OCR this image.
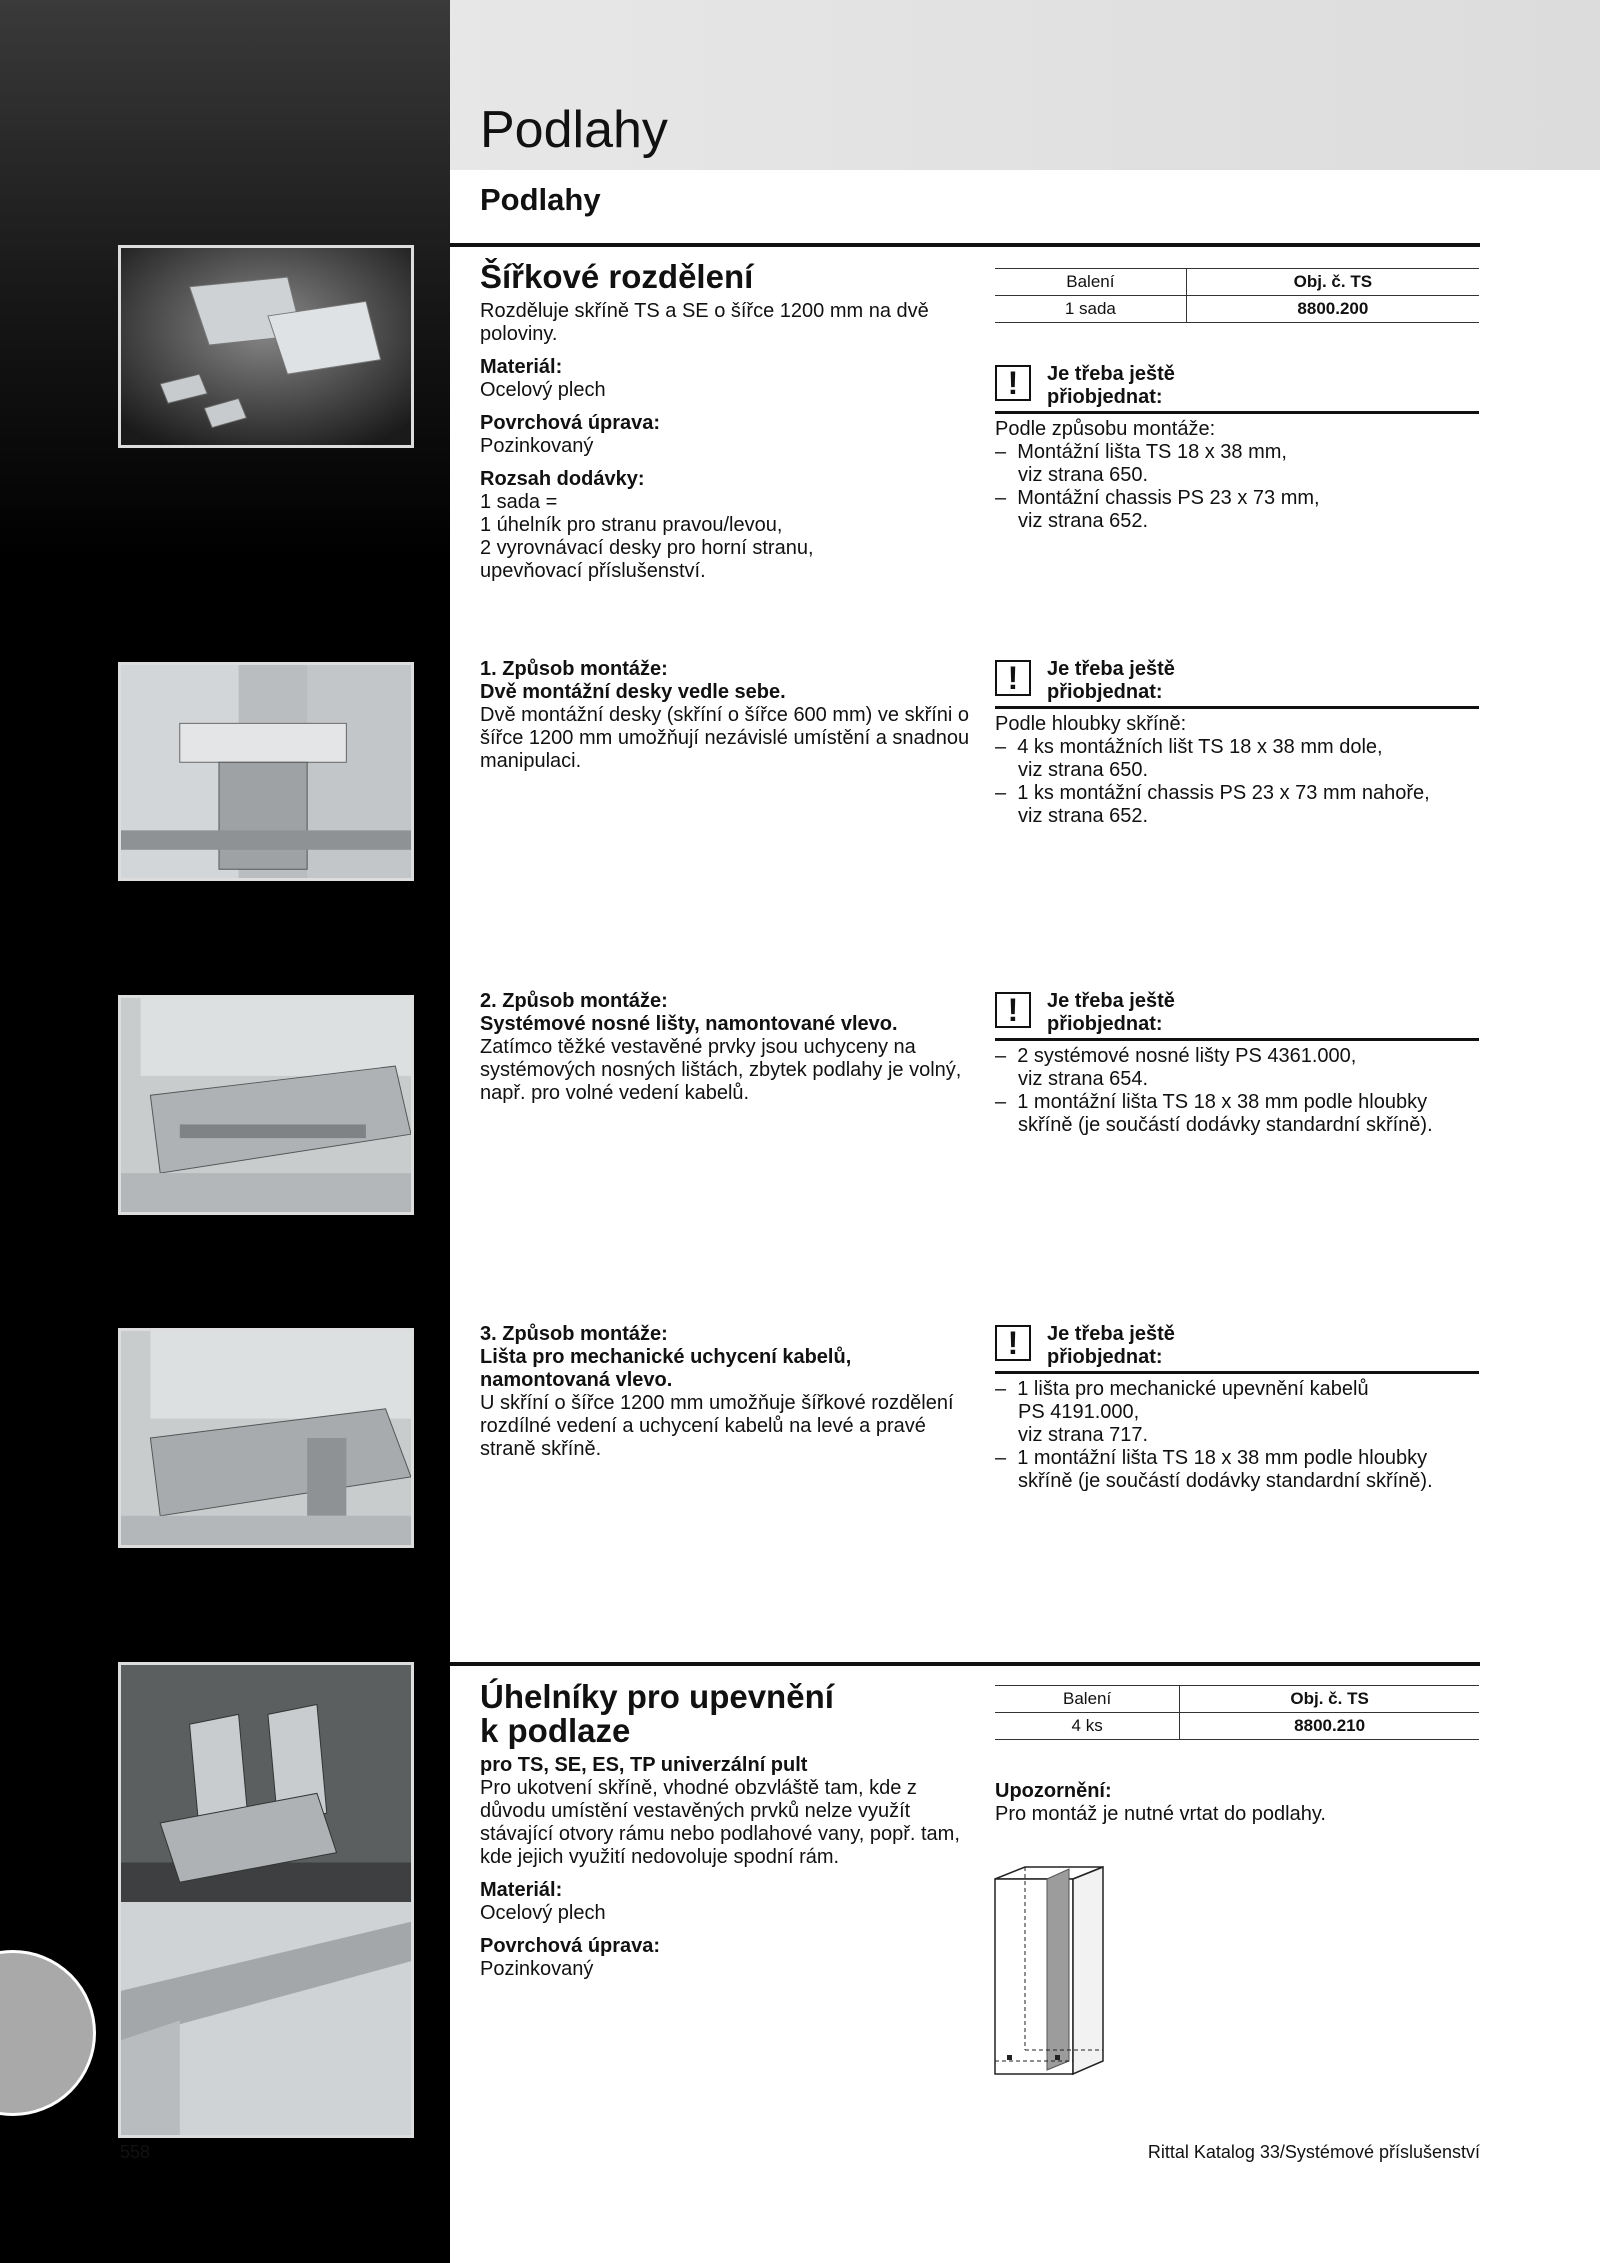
Podlahy
Podlahy
Šířkové rozdělení

Rozděluje skříně TS a SE o šířce 1200 mm na dvě poloviny.

Materiál:

Ocelový plech

Povrchová úprava:

Pozinkovaný

Rozsah dodávky:

1 sada =

1 úhelník pro stranu pravou/levou,

2 vyrovnávací desky pro horní stranu,

upevňovací příslušenství.

Balení	Obj. č. TS
1 sada	8800.200
!	Je třeba ještě přiobjednat:

Podle způsobu montáže:

–  Montážní lišta TS 18 x 38 mm,
viz strana 650.
–  Montážní chassis PS 23 x 73 mm,
viz strana 652.

1. Způsob montáže:

Dvě montážní desky vedle sebe.

Dvě montážní desky (skříní o šířce 600 mm) ve skříni o šířce 1200 mm umožňují nezávislé umístění a snadnou manipulaci.

!	Je třeba ještě přiobjednat:

Podle hloubky skříně:

–  4 ks montážních lišt TS 18 x 38 mm dole,
viz strana 650.
–  1 ks montážní chassis PS 23 x 73 mm nahoře,
viz strana 652.

2. Způsob montáže:

Systémové nosné lišty, namontované vlevo.

Zatímco těžké vestavěné prvky jsou uchyceny na systémových nosných lištách, zbytek podlahy je volný, např. pro volné vedení kabelů.

!	Je třeba ještě přiobjednat:
–  2 systémové nosné lišty PS 4361.000,
viz strana 654.
–  1 montážní lišta TS 18 x 38 mm podle hloubky
skříně (je součástí dodávky standardní skříně).

3. Způsob montáže:

Lišta pro mechanické uchycení kabelů, namontovaná vlevo.

U skříní o šířce 1200 mm umožňuje šířkové rozdělení rozdílné vedení a uchycení kabelů na levé a pravé straně skříně.

!	Je třeba ještě přiobjednat:
–  1 lišta pro mechanické upevnění kabelů
PS 4191.000,
viz strana 717.
–  1 montážní lišta TS 18 x 38 mm podle hloubky
skříně (je součástí dodávky standardní skříně).
Úhelníky pro upevnění
k podlaze

pro TS, SE, ES, TP univerzální pult

Pro ukotvení skříně, vhodné obzvláště tam, kde z důvodu umístění vestavěných prvků nelze využít stávající otvory rámu nebo podlahové vany, popř. tam, kde jejich využití nedovoluje spodní rám.

Materiál:

Ocelový plech

Povrchová úprava:

Pozinkovaný

Balení	Obj. č. TS
4 ks	8800.210

Upozornění:

Pro montáž je nutné vrtat do podlahy.

558	Rittal Katalog 33/Systémové příslušenství
